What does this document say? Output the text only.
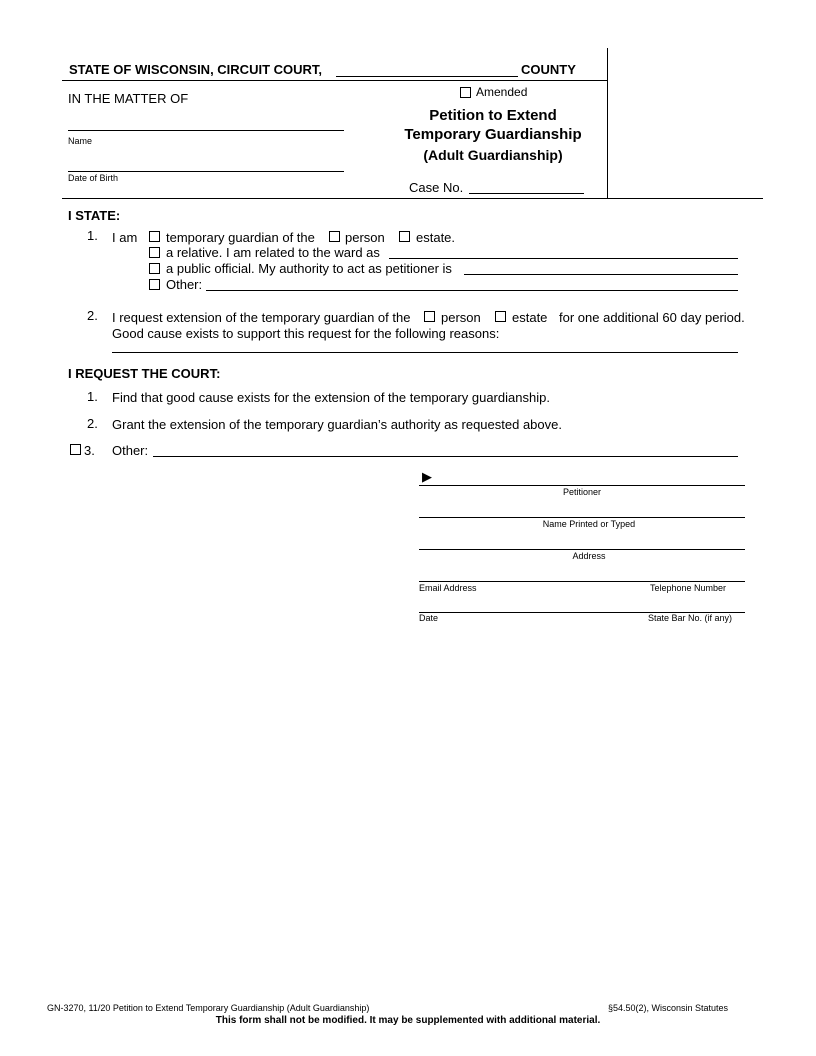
STATE OF WISCONSIN, CIRCUIT COURT,	COUNTY
IN THE MATTER OF
Name
Date of Birth
Amended
Petition to Extend
Temporary Guardianship
(Adult Guardianship)
Case No.
I STATE:
1. I am temporary guardian of the person estate.
a relative. I am related to the ward as
a public official. My authority to act as petitioner is
Other:
2. I request extension of the temporary guardian of the person estate for one additional 60 day period.
Good cause exists to support this request for the following reasons:
I REQUEST THE COURT:
1. Find that good cause exists for the extension of the temporary guardianship.
2. Grant the extension of the temporary guardian’s authority as requested above.
3. Other:
▶
Petitioner
Name Printed or Typed
Address
Email Address	Telephone Number
Date	State Bar No. (if any)
GN-3270, 11/20 Petition to Extend Temporary Guardianship (Adult Guardianship)	§54.50(2), Wisconsin Statutes
This form shall not be modified. It may be supplemented with additional material.
